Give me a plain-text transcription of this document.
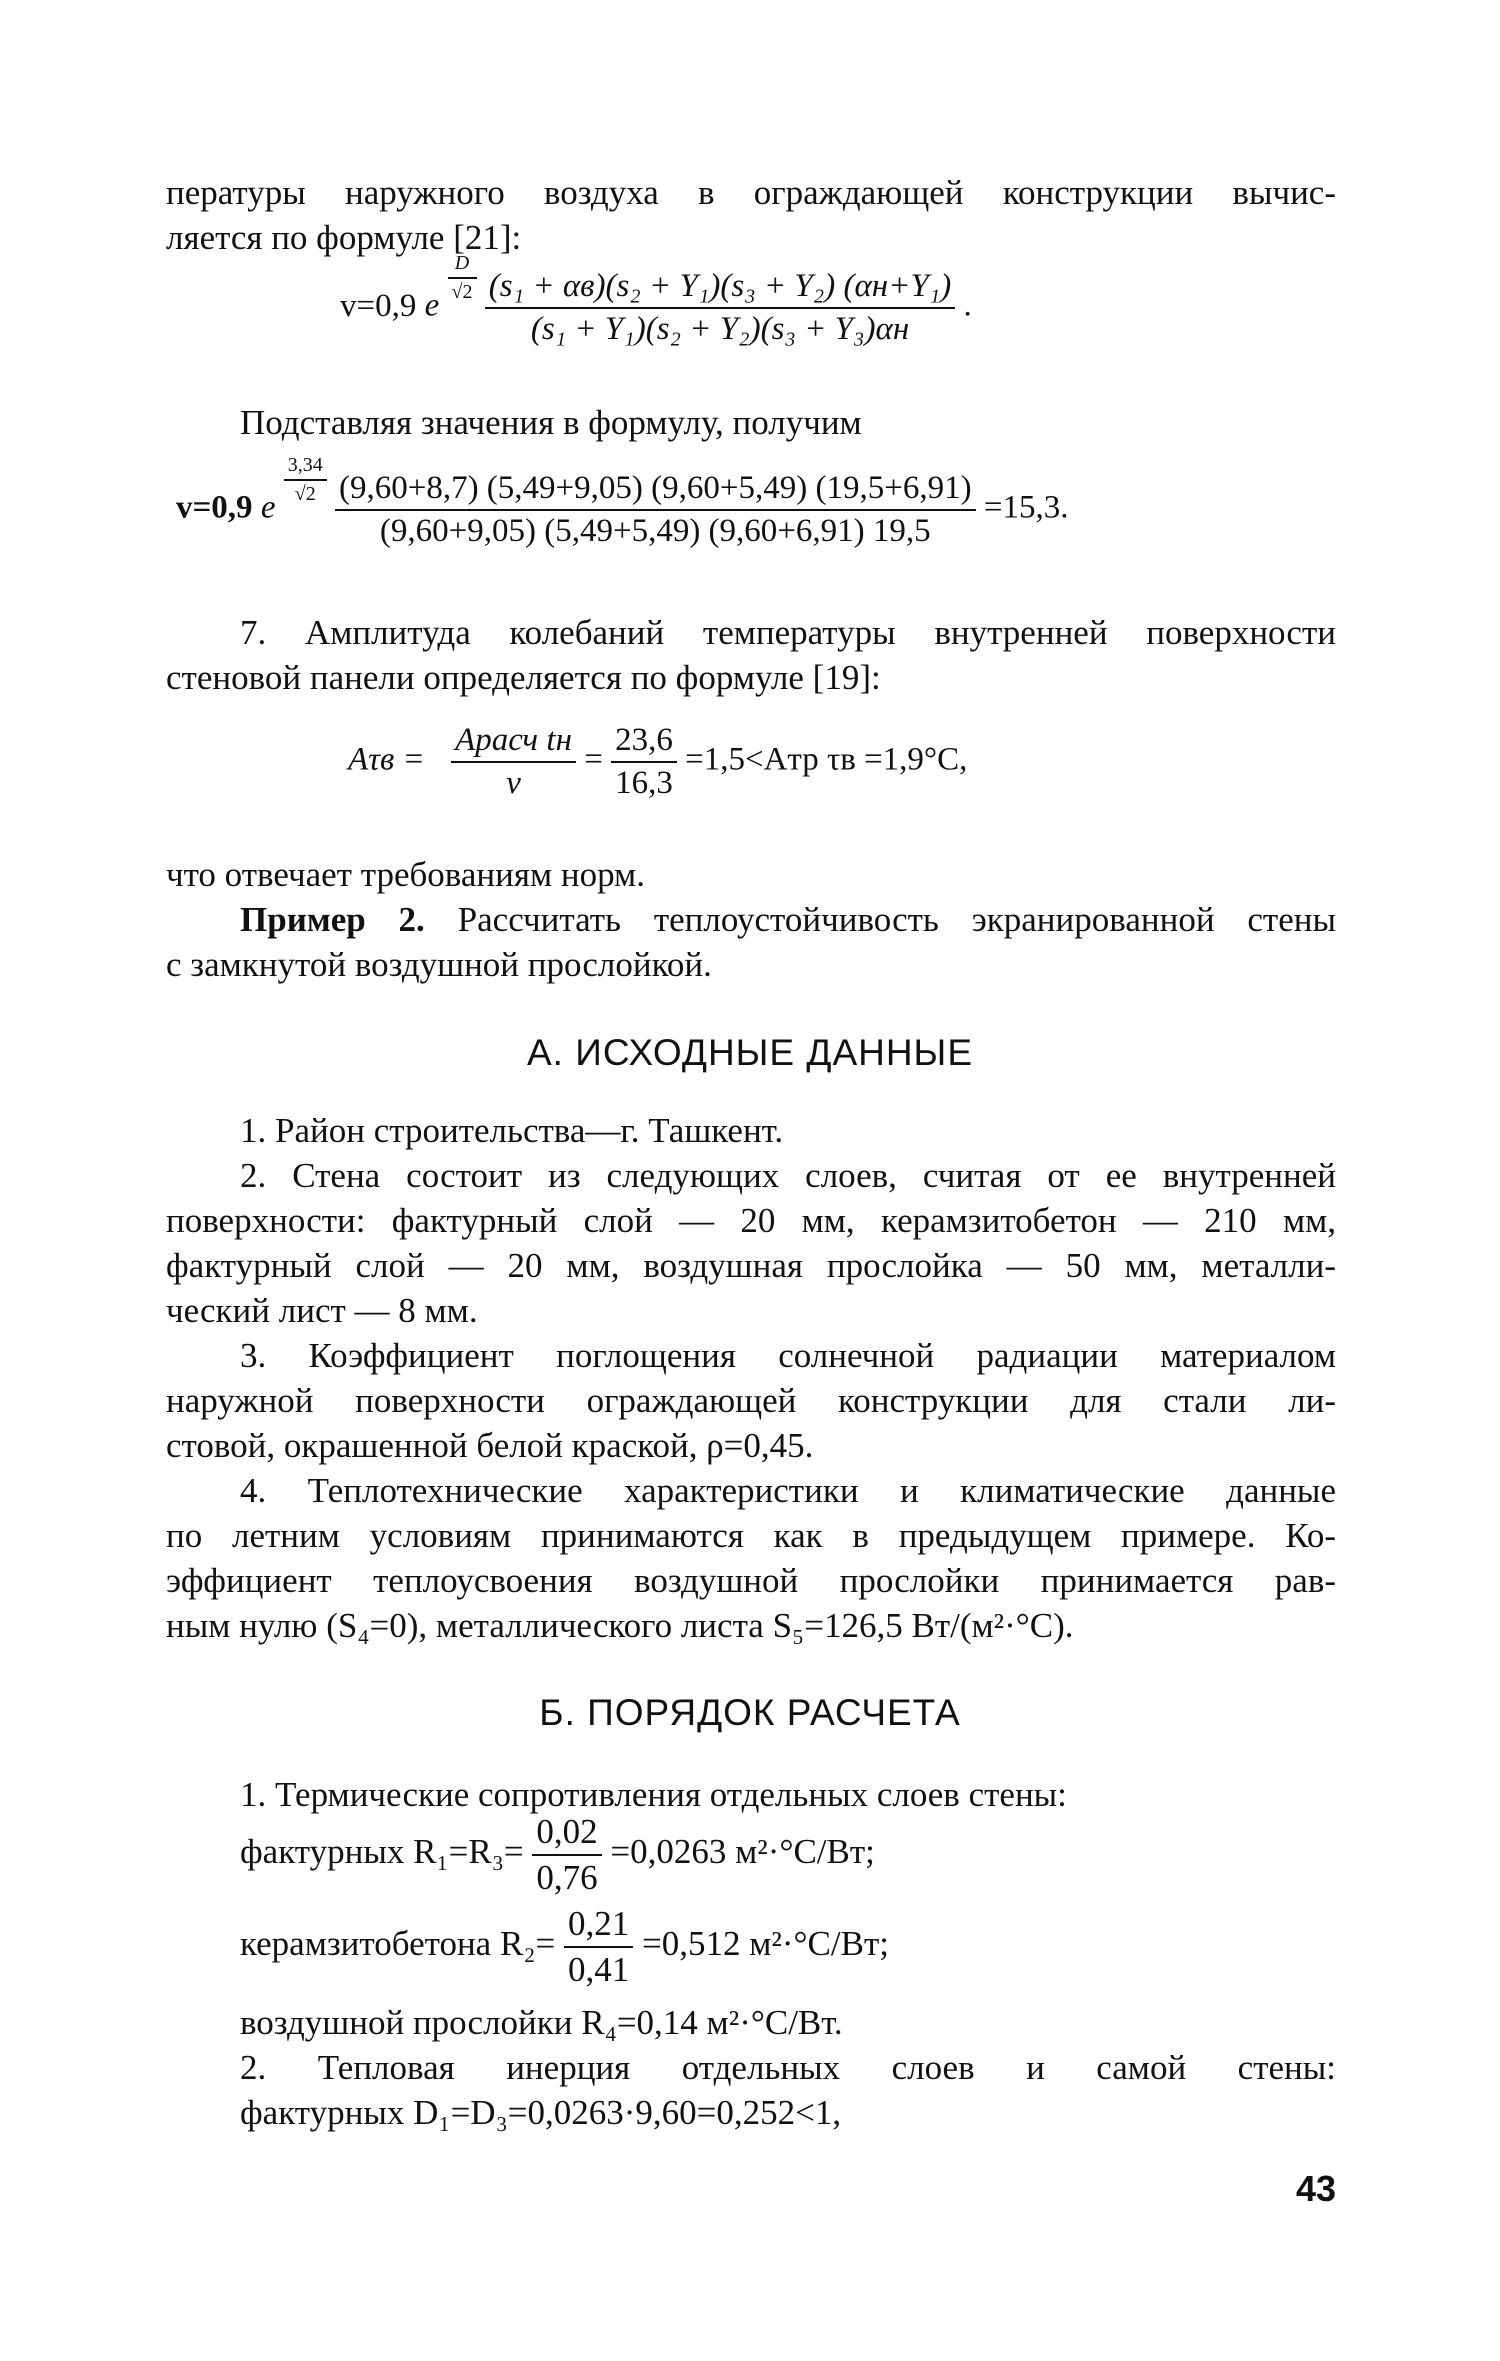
пературы наружного воздуха в ограждающей конструкции вычис-
ляется по формуле [21]:
v=0,9 e
$\frac{D}{√2}$
$\frac{\text{(s₁ + αв)(s₂ + Y₁)(s₃ + Y₂) (αн+Y₁)}}{\text{(s₁ + Y₁)(s₂ + Y₂)(s₃ + Y₃)αн}}$ .
Подставляя значения в формулу, получим
v=0,9 e
$\frac{3,34}{√2}$
$\frac{(9,60+8,7) (5,49+9,05) (9,60+5,49) (19,5+6,91)}{(9,60+9,05) (5,49+5,49) (9,60+6,91) 19,5} =15,3$.
7. Амплитуда колебаний температуры внутренней поверхности
стеновой панели определяется по формуле [19]:
$A\tau в = \frac{\text{Aрасч tн}}{v} = \frac{23,6}{16,3} =1,5<Aтр$ τв =1,9°С,
что отвечает требованиям норм.
Пример 2. Рассчитать теплоустойчивость экранированной стены
с замкнутой воздушной прослойкой.
А. ИСХОДНЫЕ ДАННЫЕ
1. Район строительства—г. Ташкент.
2. Стена состоит из следующих слоев, считая от ее внутренней
поверхности: фактурный слой — 20 мм, керамзитобетон — 210 мм,
фактурный слой — 20 мм, воздушная прослойка — 50 мм, металли-
ческий лист — 8 мм.
3. Коэффициент поглощения солнечной радиации материалом
наружной поверхности ограждающей конструкции для стали ли-
стовой, окрашенной белой краской, ρ=0,45.
4. Теплотехнические характеристики и климатические данные
по летним условиям принимаются как в предыдущем примере. Ко-
эффициент теплоусвоения воздушной прослойки принимается рав-
ным нулю (S₄=0), металлического листа S₅=126,5 Вт/(м²·°С).
Б. ПОРЯДОК РАСЧЕТА
1. Термические сопротивления отдельных слоев стены:
фактурных $R_1=R_3= \frac{0,02}{0,76} =0,0263$ м²·°С/Вт;
керамзитобетона $R_2= \frac{0,21}{0,41} =0,512$ м²·°С/Вт;
воздушной прослойки R₄=0,14 м²·°С/Вт.
2. Тепловая инерция отдельных слоев и самой стены:
фактурных D₁=D₃=0,0263·9,60=0,252<1,
43
